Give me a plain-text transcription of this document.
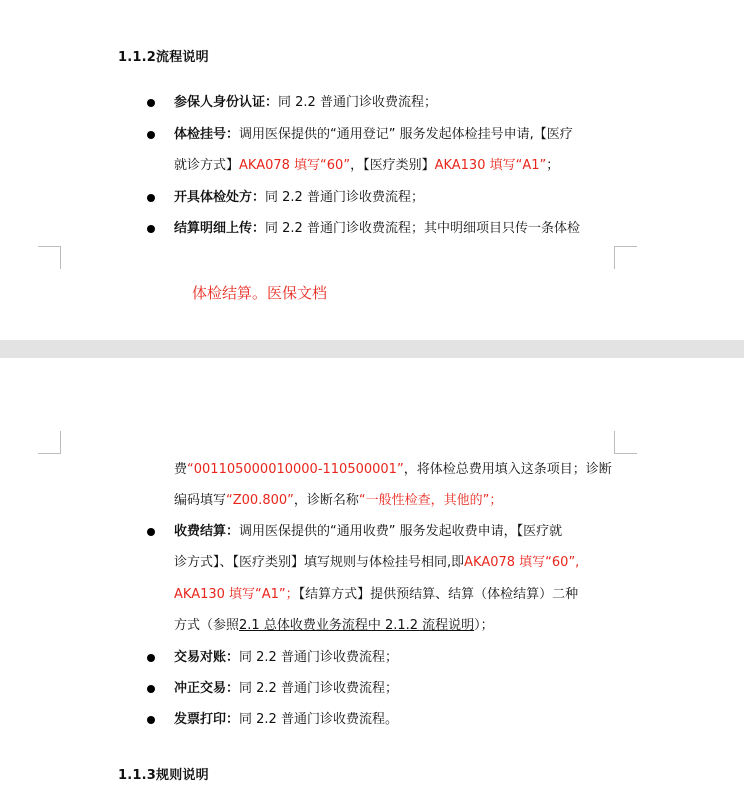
1.1.2流程说明
参保人身份认证：同 2.2 普通门诊收费流程；
体检挂号：调用医保提供的“通用登记” 服务发起体检挂号申请,【医疗
就诊方式】AKA078 填写“60”，【医疗类别】AKA130 填写“A1”；
开具体检处方：同 2.2 普通门诊收费流程；
结算明细上传：同 2.2 普通门诊收费流程；其中明细项目只传一条体检
体检结算。医保文档
费“001105000010000-110500001”，将体检总费用填入这条项目；诊断
编码填写“Z00.800”，诊断名称“一般性检查，其他的”；
收费结算：调用医保提供的“通用收费” 服务发起收费申请，【医疗就
诊方式】、【医疗类别】填写规则与体检挂号相同,即AKA078 填写“60”,
AKA130 填写“A1”；【结算方式】提供预结算、结算（体检结算）二种
方式（参照2.1 总体收费业务流程中 2.1.2 流程说明）；
交易对账：同 2.2 普通门诊收费流程；
冲正交易：同 2.2 普通门诊收费流程；
发票打印：同 2.2 普通门诊收费流程。
1.1.3规则说明
